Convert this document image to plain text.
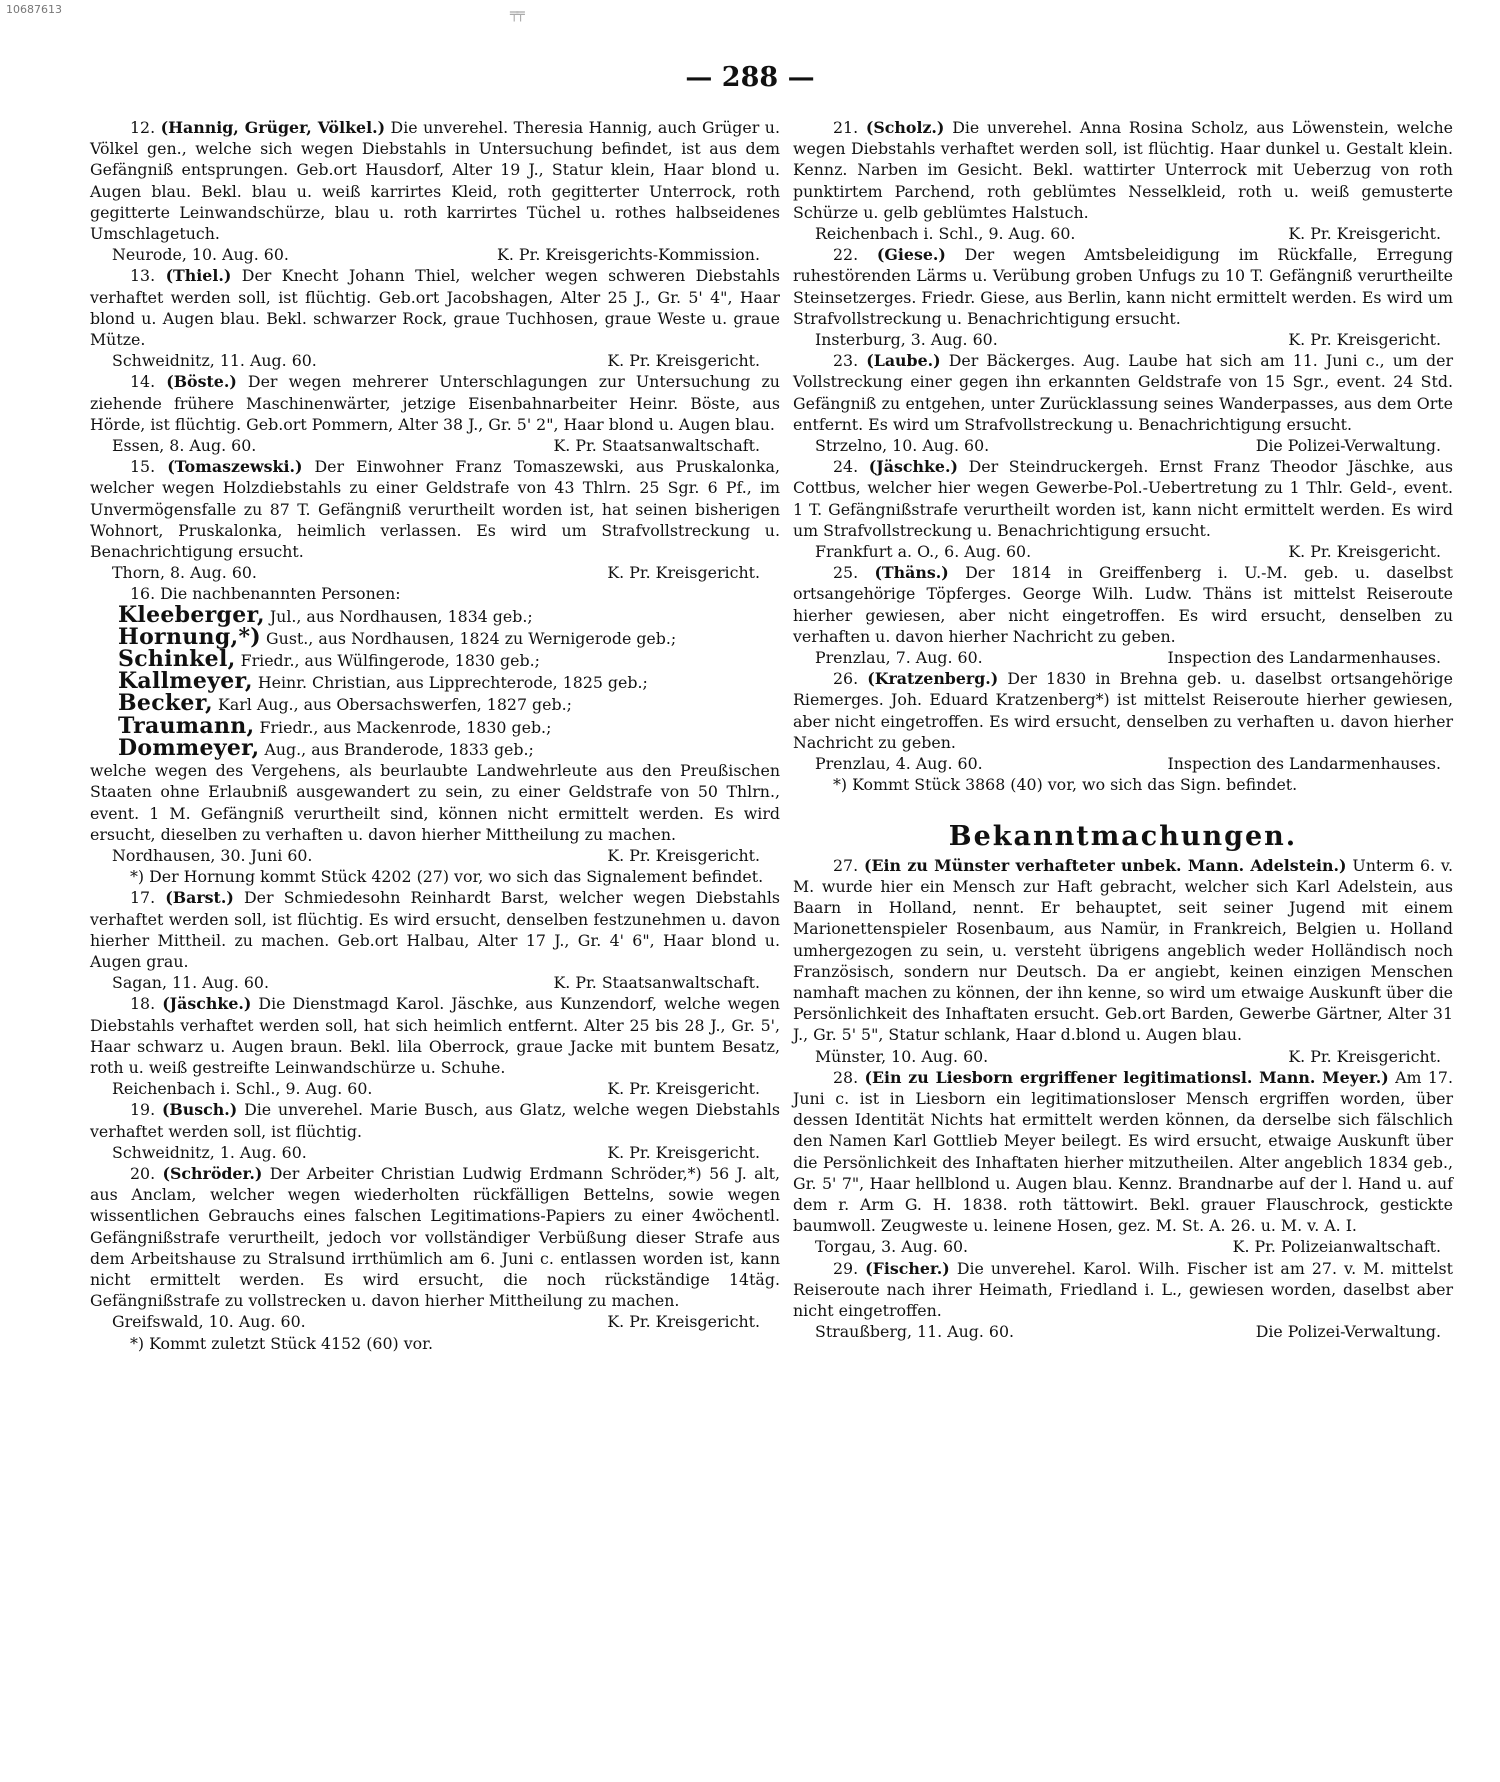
10687613	╤╤
— 288 —

12. (Hannig, Grüger, Völkel.) Die unverehel. Theresia Hannig, auch Grüger u. Völkel gen., welche sich wegen Diebstahls in Untersuchung befindet, ist aus dem Gefängniß entsprungen. Geb.ort Hausdorf, Alter 19 J., Statur klein, Haar blond u. Augen blau. Bekl. blau u. weiß karrirtes Kleid, roth gegitterter Unterrock, roth gegitterte Leinwandschürze, blau u. roth karrirtes Tüchel u. rothes halbseidenes Umschlagetuch.

Neurode, 10. Aug. 60.	K. Pr. Kreisgerichts-Kommission.

13. (Thiel.) Der Knecht Johann Thiel, welcher wegen schweren Diebstahls verhaftet werden soll, ist flüchtig. Geb.ort Jacobshagen, Alter 25 J., Gr. 5' 4", Haar blond u. Augen blau. Bekl. schwarzer Rock, graue Tuchhosen, graue Weste u. graue Mütze.

Schweidnitz, 11. Aug. 60.	K. Pr. Kreisgericht.

14. (Böste.) Der wegen mehrerer Unterschlagungen zur Untersuchung zu ziehende frühere Maschinenwärter, jetzige Eisenbahnarbeiter Heinr. Böste, aus Hörde, ist flüchtig. Geb.ort Pommern, Alter 38 J., Gr. 5' 2", Haar blond u. Augen blau.

Essen, 8. Aug. 60.	K. Pr. Staatsanwaltschaft.

15. (Tomaszewski.) Der Einwohner Franz Tomaszewski, aus Pruskalonka, welcher wegen Holzdiebstahls zu einer Geldstrafe von 43 Thlrn. 25 Sgr. 6 Pf., im Unvermögensfalle zu 87 T. Gefängniß verurtheilt worden ist, hat seinen bisherigen Wohnort, Pruskalonka, heimlich verlassen. Es wird um Strafvollstreckung u. Benachrichtigung ersucht.

Thorn, 8. Aug. 60.	K. Pr. Kreisgericht.

16. Die nachbenannten Personen:

Kleeberger, Jul., aus Nordhausen, 1834 geb.;
Hornung,*) Gust., aus Nordhausen, 1824 zu Wernigerode geb.;
Schinkel, Friedr., aus Wülfingerode, 1830 geb.;
Kallmeyer, Heinr. Christian, aus Lipprechterode, 1825 geb.;
Becker, Karl Aug., aus Obersachswerfen, 1827 geb.;
Traumann, Friedr., aus Mackenrode, 1830 geb.;
Dommeyer, Aug., aus Branderode, 1833 geb.;

welche wegen des Vergehens, als beurlaubte Landwehrleute aus den Preußischen Staaten ohne Erlaubniß ausgewandert zu sein, zu einer Geldstrafe von 50 Thlrn., event. 1 M. Gefängniß verurtheilt sind, können nicht ermittelt werden. Es wird ersucht, dieselben zu verhaften u. davon hierher Mittheilung zu machen.

Nordhausen, 30. Juni 60.	K. Pr. Kreisgericht.
*) Der Hornung kommt Stück 4202 (27) vor, wo sich das Signalement befindet.

17. (Barst.) Der Schmiedesohn Reinhardt Barst, welcher wegen Diebstahls verhaftet werden soll, ist flüchtig. Es wird ersucht, denselben festzunehmen u. davon hierher Mittheil. zu machen. Geb.ort Halbau, Alter 17 J., Gr. 4' 6", Haar blond u. Augen grau.

Sagan, 11. Aug. 60.	K. Pr. Staatsanwaltschaft.

18. (Jäschke.) Die Dienstmagd Karol. Jäschke, aus Kunzendorf, welche wegen Diebstahls verhaftet werden soll, hat sich heimlich entfernt. Alter 25 bis 28 J., Gr. 5', Haar schwarz u. Augen braun. Bekl. lila Oberrock, graue Jacke mit buntem Besatz, roth u. weiß gestreifte Leinwandschürze u. Schuhe.

Reichenbach i. Schl., 9. Aug. 60.	K. Pr. Kreisgericht.

19. (Busch.) Die unverehel. Marie Busch, aus Glatz, welche wegen Diebstahls verhaftet werden soll, ist flüchtig.

Schweidnitz, 1. Aug. 60.	K. Pr. Kreisgericht.

20. (Schröder.) Der Arbeiter Christian Ludwig Erdmann Schröder,*) 56 J. alt, aus Anclam, welcher wegen wiederholten rückfälligen Bettelns, sowie wegen wissentlichen Gebrauchs eines falschen Legitimations-Papiers zu einer 4wöchentl. Gefängnißstrafe verurtheilt, jedoch vor vollständiger Verbüßung dieser Strafe aus dem Arbeitshause zu Stralsund irrthümlich am 6. Juni c. entlassen worden ist, kann nicht ermittelt werden. Es wird ersucht, die noch rückständige 14täg. Gefängnißstrafe zu vollstrecken u. davon hierher Mittheilung zu machen.

Greifswald, 10. Aug. 60.	K. Pr. Kreisgericht.
*) Kommt zuletzt Stück 4152 (60) vor.

21. (Scholz.) Die unverehel. Anna Rosina Scholz, aus Löwenstein, welche wegen Diebstahls verhaftet werden soll, ist flüchtig. Haar dunkel u. Gestalt klein. Kennz. Narben im Gesicht. Bekl. wattirter Unterrock mit Ueberzug von roth punktirtem Parchend, roth geblümtes Nesselkleid, roth u. weiß gemusterte Schürze u. gelb geblümtes Halstuch.

Reichenbach i. Schl., 9. Aug. 60.	K. Pr. Kreisgericht.

22. (Giese.) Der wegen Amtsbeleidigung im Rückfalle, Erregung ruhestörenden Lärms u. Verübung groben Unfugs zu 10 T. Gefängniß verurtheilte Steinsetzerges. Friedr. Giese, aus Berlin, kann nicht ermittelt werden. Es wird um Strafvollstreckung u. Benachrichtigung ersucht.

Insterburg, 3. Aug. 60.	K. Pr. Kreisgericht.

23. (Laube.) Der Bäckerges. Aug. Laube hat sich am 11. Juni c., um der Vollstreckung einer gegen ihn erkannten Geldstrafe von 15 Sgr., event. 24 Std. Gefängniß zu entgehen, unter Zurücklassung seines Wanderpasses, aus dem Orte entfernt. Es wird um Strafvollstreckung u. Benachrichtigung ersucht.

Strzelno, 10. Aug. 60.	Die Polizei-Verwaltung.

24. (Jäschke.) Der Steindruckergeh. Ernst Franz Theodor Jäschke, aus Cottbus, welcher hier wegen Gewerbe-Pol.-Uebertretung zu 1 Thlr. Geld-, event. 1 T. Gefängnißstrafe verurtheilt worden ist, kann nicht ermittelt werden. Es wird um Strafvollstreckung u. Benachrichtigung ersucht.

Frankfurt a. O., 6. Aug. 60.	K. Pr. Kreisgericht.

25. (Thäns.) Der 1814 in Greiffenberg i. U.-M. geb. u. daselbst ortsangehörige Töpferges. George Wilh. Ludw. Thäns ist mittelst Reiseroute hierher gewiesen, aber nicht eingetroffen. Es wird ersucht, denselben zu verhaften u. davon hierher Nachricht zu geben.

Prenzlau, 7. Aug. 60.	Inspection des Landarmenhauses.

26. (Kratzenberg.) Der 1830 in Brehna geb. u. daselbst ortsangehörige Riemerges. Joh. Eduard Kratzenberg*) ist mittelst Reiseroute hierher gewiesen, aber nicht eingetroffen. Es wird ersucht, denselben zu verhaften u. davon hierher Nachricht zu geben.

Prenzlau, 4. Aug. 60.	Inspection des Landarmenhauses.
*) Kommt Stück 3868 (40) vor, wo sich das Sign. befindet.
Bekanntmachungen.

27. (Ein zu Münster verhafteter unbek. Mann. Adelstein.) Unterm 6. v. M. wurde hier ein Mensch zur Haft gebracht, welcher sich Karl Adelstein, aus Baarn in Holland, nennt. Er behauptet, seit seiner Jugend mit einem Marionettenspieler Rosenbaum, aus Namür, in Frankreich, Belgien u. Holland umhergezogen zu sein, u. versteht übrigens angeblich weder Holländisch noch Französisch, sondern nur Deutsch. Da er angiebt, keinen einzigen Menschen namhaft machen zu können, der ihn kenne, so wird um etwaige Auskunft über die Persönlichkeit des Inhaftaten ersucht. Geb.ort Barden, Gewerbe Gärtner, Alter 31 J., Gr. 5' 5", Statur schlank, Haar d.blond u. Augen blau.

Münster, 10. Aug. 60.	K. Pr. Kreisgericht.

28. (Ein zu Liesborn ergriffener legitimationsl. Mann. Meyer.) Am 17. Juni c. ist in Liesborn ein legitimationsloser Mensch ergriffen worden, über dessen Identität Nichts hat ermittelt werden können, da derselbe sich fälschlich den Namen Karl Gottlieb Meyer beilegt. Es wird ersucht, etwaige Auskunft über die Persönlichkeit des Inhaftaten hierher mitzutheilen. Alter angeblich 1834 geb., Gr. 5' 7", Haar hellblond u. Augen blau. Kennz. Brandnarbe auf der l. Hand u. auf dem r. Arm G. H. 1838. roth tättowirt. Bekl. grauer Flauschrock, gestickte baumwoll. Zeugweste u. leinene Hosen, gez. M. St. A. 26. u. M. v. A. I.

Torgau, 3. Aug. 60.	K. Pr. Polizeianwaltschaft.

29. (Fischer.) Die unverehel. Karol. Wilh. Fischer ist am 27. v. M. mittelst Reiseroute nach ihrer Heimath, Friedland i. L., gewiesen worden, daselbst aber nicht eingetroffen.

Straußberg, 11. Aug. 60.	Die Polizei-Verwaltung.
